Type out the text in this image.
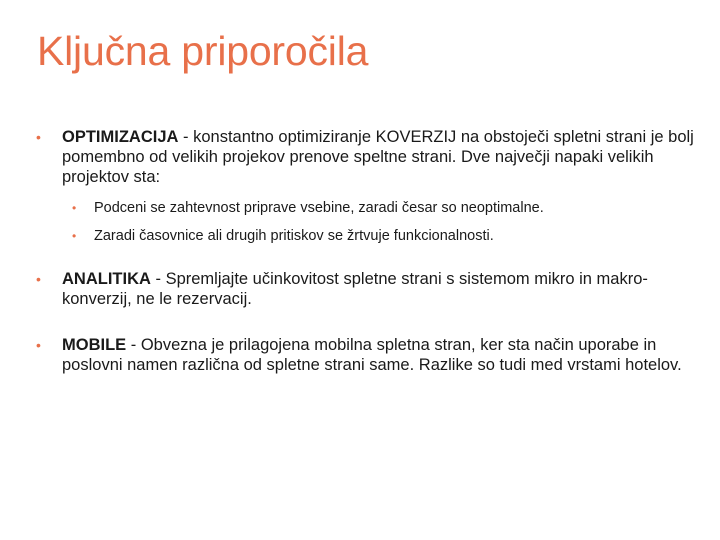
Ključna priporočila
• OPTIMIZACIJA - konstantno optimiziranje KOVERZIJ na obstoječi spletni strani je bolj pomembno od velikih projekov prenove speltne strani. Dve največji napaki velikih projektov sta:
• Podceni se zahtevnost priprave vsebine, zaradi česar so neoptimalne.
• Zaradi časovnice ali drugih pritiskov se žrtvuje funkcionalnosti.
• ANALITIKA - Spremljajte učinkovitost spletne strani s sistemom mikro in makro-konverzij, ne le rezervacij.
• MOBILE - Obvezna je prilagojena mobilna spletna stran, ker sta način uporabe in poslovni namen različna od spletne strani same. Razlike so tudi med vrstami hotelov.
